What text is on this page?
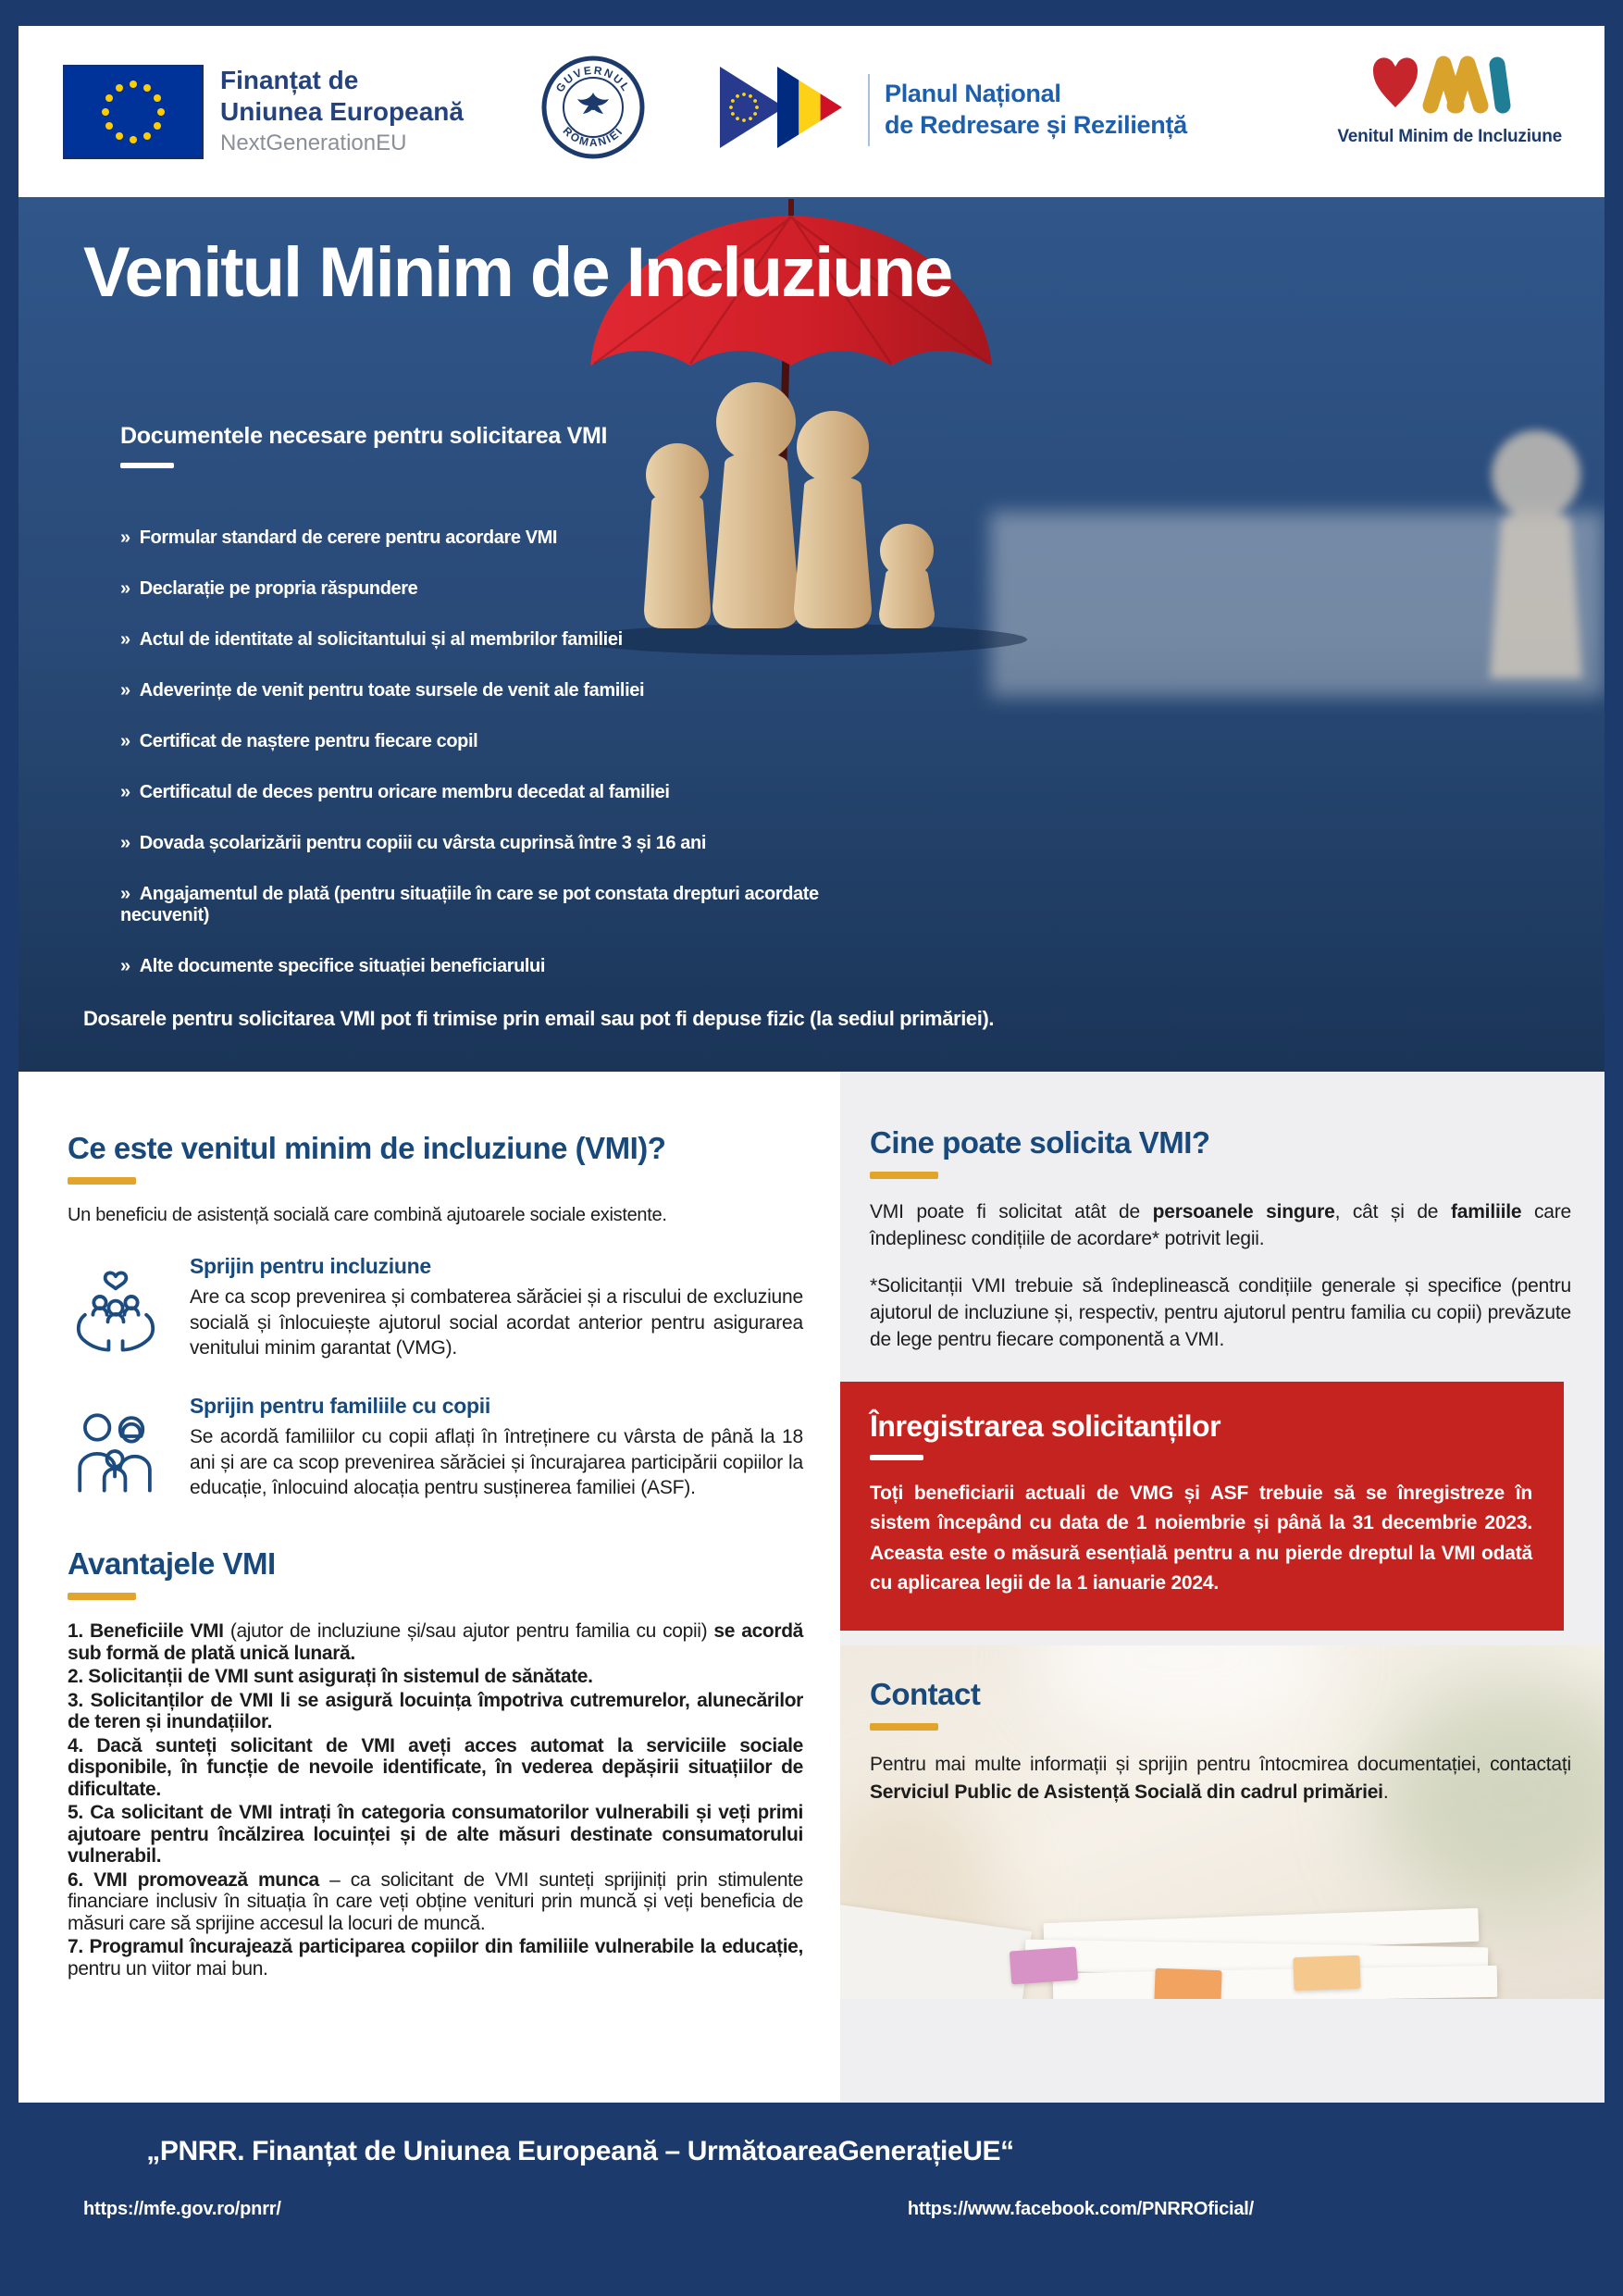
Finanțat de
Uniunea Europeană
NextGenerationEU
GUVERNUL
ROMÂNIEI
Planul Național
de Redresare și Reziliență	Venitul Minim de Incluziune
Venitul Minim de Incluziune
Documentele necesare pentru solicitarea VMI
» Formular standard de cerere pentru acordare VMI
» Declarație pe propria răspundere
» Actul de identitate al solicitantului și al membrilor familiei
» Adeverințe de venit pentru toate sursele de venit ale familiei
» Certificat de naștere pentru fiecare copil
» Certificatul de deces pentru oricare membru decedat al familiei
» Dovada școlarizării pentru copiii cu vârsta cuprinsă între 3 și 16 ani
» Angajamentul de plată (pentru situațiile în care se pot constata drepturi acordate necuvenit)
» Alte documente specifice situației beneficiarului
Dosarele pentru solicitarea VMI pot fi trimise prin email sau pot fi depuse fizic (la sediul primăriei).
Ce este venitul minim de incluziune (VMI)?
Un beneficiu de asistență socială care combină ajutoarele sociale existente.
Sprijin pentru incluziune

Are ca scop prevenirea și combaterea sărăciei și a riscului de excluziune socială și înlocuiește ajutorul social acordat anterior pentru asigurarea venitului minim garantat (VMG).

Sprijin pentru familiile cu copii

Se acordă familiilor cu copii aflați în întreținere cu vârsta de până la 18 ani și are ca scop prevenirea sărăciei și încurajarea participării copiilor la educație, înlocuind alocația pentru susținerea familiei (ASF).

Avantajele VMI
1. Beneficiile VMI (ajutor de incluziune și/sau ajutor pentru familia cu copii) se acordă sub formă de plată unică lunară.
2. Solicitanții de VMI sunt asigurați în sistemul de sănătate.
3. Solicitanților de VMI li se asigură locuința împotriva cutremurelor, alunecărilor de teren și inundațiilor.
4. Dacă sunteți solicitant de VMI aveți acces automat la serviciile sociale disponibile, în funcție de nevoile identificate, în vederea depășirii situațiilor de dificultate.
5. Ca solicitant de VMI intrați în categoria consumatorilor vulnerabili și veți primi ajutoare pentru încălzirea locuinței și de alte măsuri destinate consumatorului vulnerabil.
6. VMI promovează munca – ca solicitant de VMI sunteți sprijiniți prin stimulente financiare inclusiv în situația în care veți obține venituri prin muncă și veți beneficia de măsuri care să sprijine accesul la locuri de muncă.
7. Programul încurajează participarea copiilor din familiile vulnerabile la educație, pentru un viitor mai bun.
Cine poate solicita VMI?

VMI poate fi solicitat atât de persoanele singure, cât și de familiile care îndeplinesc condițiile de acordare* potrivit legii.

*Solicitanții VMI trebuie să îndeplinească condițiile generale și specifice (pentru ajutorul de incluziune și, respectiv, pentru ajutorul pentru familia cu copii) prevăzute de lege pentru fiecare componentă a VMI.

Înregistrarea solicitanților

Toți beneficiarii actuali de VMG și ASF trebuie să se înregistreze în sistem începând cu data de 1 noiembrie și până la 31 decembrie 2023. Aceasta este o măsură esențială pentru a nu pierde dreptul la VMI odată cu aplicarea legii de la 1 ianuarie 2024.

Contact

Pentru mai multe informații și sprijin pentru întocmirea documentației, contactați Serviciul Public de Asistență Socială din cadrul primăriei.

„PNRR. Finanțat de Uniunea Europeană – UrmătoareaGenerațieUE“
https://mfe.gov.ro/pnrr/	https://www.facebook.com/PNRROficial/
